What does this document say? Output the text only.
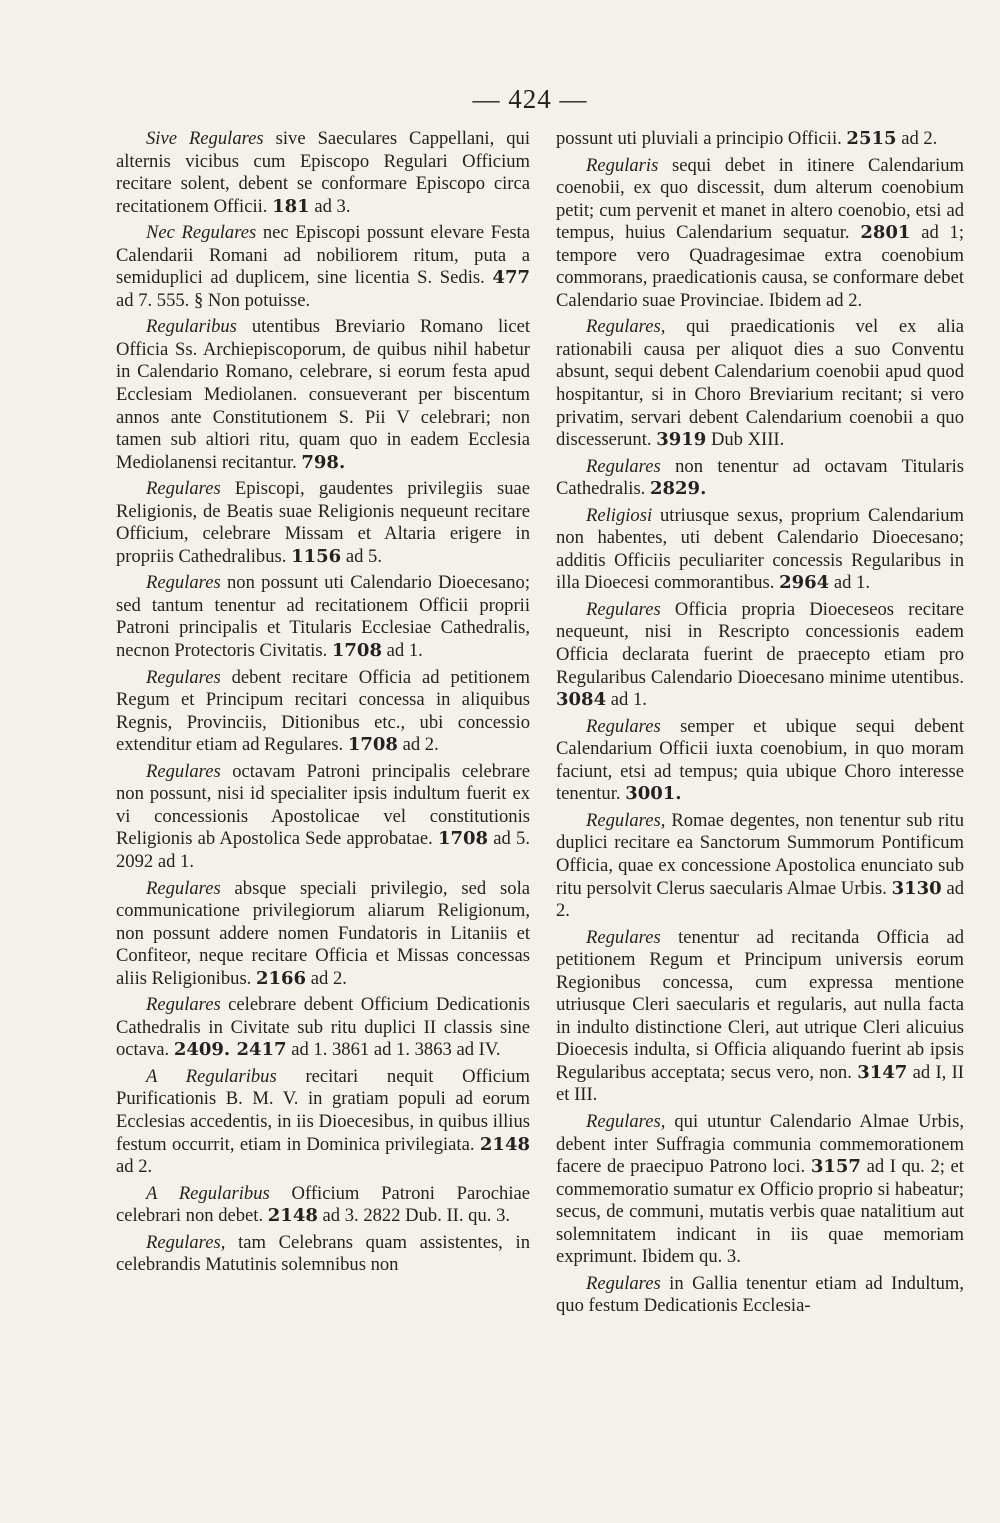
— 424 —

Sive Regulares sive Saeculares Cappellani, qui alternis vicibus cum Episcopo Regulari Officium recitare solent, debent se conformare Episcopo circa recitationem Officii. 181 ad 3.

Nec Regulares nec Episcopi possunt elevare Festa Calendarii Romani ad nobiliorem ritum, puta a semiduplici ad duplicem, sine licentia S. Sedis. 477 ad 7. 555. § Non potuisse.

Regularibus utentibus Breviario Romano licet Officia Ss. Archiepiscoporum, de quibus nihil habetur in Calendario Romano, celebrare, si eorum festa apud Ecclesiam Mediolanen. consueverant per biscentum annos ante Constitutionem S. Pii V celebrari; non tamen sub altiori ritu, quam quo in eadem Ecclesia Mediolanensi recitantur. 798.

Regulares Episcopi, gaudentes privilegiis suae Religionis, de Beatis suae Religionis nequeunt recitare Officium, celebrare Missam et Altaria erigere in propriis Cathedralibus. 1156 ad 5.

Regulares non possunt uti Calendario Dioecesano; sed tantum tenentur ad recitationem Officii proprii Patroni principalis et Titularis Ecclesiae Cathedralis, necnon Protectoris Civitatis. 1708 ad 1.

Regulares debent recitare Officia ad petitionem Regum et Principum recitari concessa in aliquibus Regnis, Provinciis, Ditionibus etc., ubi concessio extenditur etiam ad Regulares. 1708 ad 2.

Regulares octavam Patroni principalis celebrare non possunt, nisi id specialiter ipsis indultum fuerit ex vi concessionis Apostolicae vel constitutionis Religionis ab Apostolica Sede approbatae. 1708 ad 5. 2092 ad 1.

Regulares absque speciali privilegio, sed sola communicatione privilegiorum aliarum Religionum, non possunt addere nomen Fundatoris in Litaniis et Confiteor, neque recitare Officia et Missas concessas aliis Religionibus. 2166 ad 2.

Regulares celebrare debent Officium Dedicationis Cathedralis in Civitate sub ritu duplici II classis sine octava. 2409. 2417 ad 1. 3861 ad 1. 3863 ad IV.

A Regularibus recitari nequit Officium Purificationis B. M. V. in gratiam populi ad eorum Ecclesias accedentis, in iis Dioecesibus, in quibus illius festum occurrit, etiam in Dominica privilegiata. 2148 ad 2.

A Regularibus Officium Patroni Parochiae celebrari non debet. 2148 ad 3. 2822 Dub. II. qu. 3.

Regulares, tam Celebrans quam assistentes, in celebrandis Matutinis solemnibus non

possunt uti pluviali a principio Officii. 2515 ad 2.

Regularis sequi debet in itinere Calendarium coenobii, ex quo discessit, dum alterum coenobium petit; cum pervenit et manet in altero coenobio, etsi ad tempus, huius Calendarium sequatur. 2801 ad 1; tempore vero Quadragesimae extra coenobium commorans, praedicationis causa, se conformare debet Calendario suae Provinciae. Ibidem ad 2.

Regulares, qui praedicationis vel ex alia rationabili causa per aliquot dies a suo Conventu absunt, sequi debent Calendarium coenobii apud quod hospitantur, si in Choro Breviarium recitant; si vero privatim, servari debent Calendarium coenobii a quo discesserunt. 3919 Dub XIII.

Regulares non tenentur ad octavam Titularis Cathedralis. 2829.

Religiosi utriusque sexus, proprium Calendarium non habentes, uti debent Calendario Dioecesano; additis Officiis peculiariter concessis Regularibus in illa Dioecesi commorantibus. 2964 ad 1.

Regulares Officia propria Dioeceseos recitare nequeunt, nisi in Rescripto concessionis eadem Officia declarata fuerint de praecepto etiam pro Regularibus Calendario Dioecesano minime utentibus. 3084 ad 1.

Regulares semper et ubique sequi debent Calendarium Officii iuxta coenobium, in quo moram faciunt, etsi ad tempus; quia ubique Choro interesse tenentur. 3001.

Regulares, Romae degentes, non tenentur sub ritu duplici recitare ea Sanctorum Summorum Pontificum Officia, quae ex concessione Apostolica enunciato sub ritu persolvit Clerus saecularis Almae Urbis. 3130 ad 2.

Regulares tenentur ad recitanda Officia ad petitionem Regum et Principum universis eorum Regionibus concessa, cum expressa mentione utriusque Cleri saecularis et regularis, aut nulla facta in indulto distinctione Cleri, aut utrique Cleri alicuius Dioecesis indulta, si Officia aliquando fuerint ab ipsis Regularibus acceptata; secus vero, non. 3147 ad I, II et III.

Regulares, qui utuntur Calendario Almae Urbis, debent inter Suffragia communia commemorationem facere de praecipuo Patrono loci. 3157 ad I qu. 2; et commemoratio sumatur ex Officio proprio si habeatur; secus, de communi, mutatis verbis quae natalitium aut solemnitatem indicant in iis quae memoriam exprimunt. Ibidem qu. 3.

Regulares in Gallia tenentur etiam ad Indultum, quo festum Dedicationis Ecclesia-
